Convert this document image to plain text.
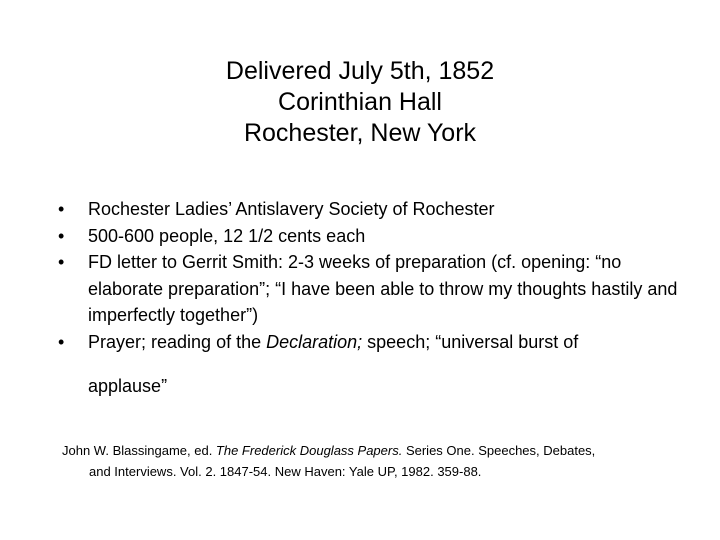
Delivered July 5th, 1852
Corinthian Hall
Rochester, New York
• Rochester Ladies’ Antislavery Society of Rochester
• 500-600 people, 12 1/2 cents each
• FD letter to Gerrit Smith: 2-3 weeks of preparation (cf. opening: “no elaborate preparation”; “I have been able to throw my thoughts hastily and imperfectly together”)
• Prayer; reading of the Declaration; speech; “universal burst of
applause”
John W. Blassingame, ed. The Frederick Douglass Papers. Series One. Speeches, Debates,
and Interviews. Vol. 2. 1847-54. New Haven: Yale UP, 1982. 359-88.
